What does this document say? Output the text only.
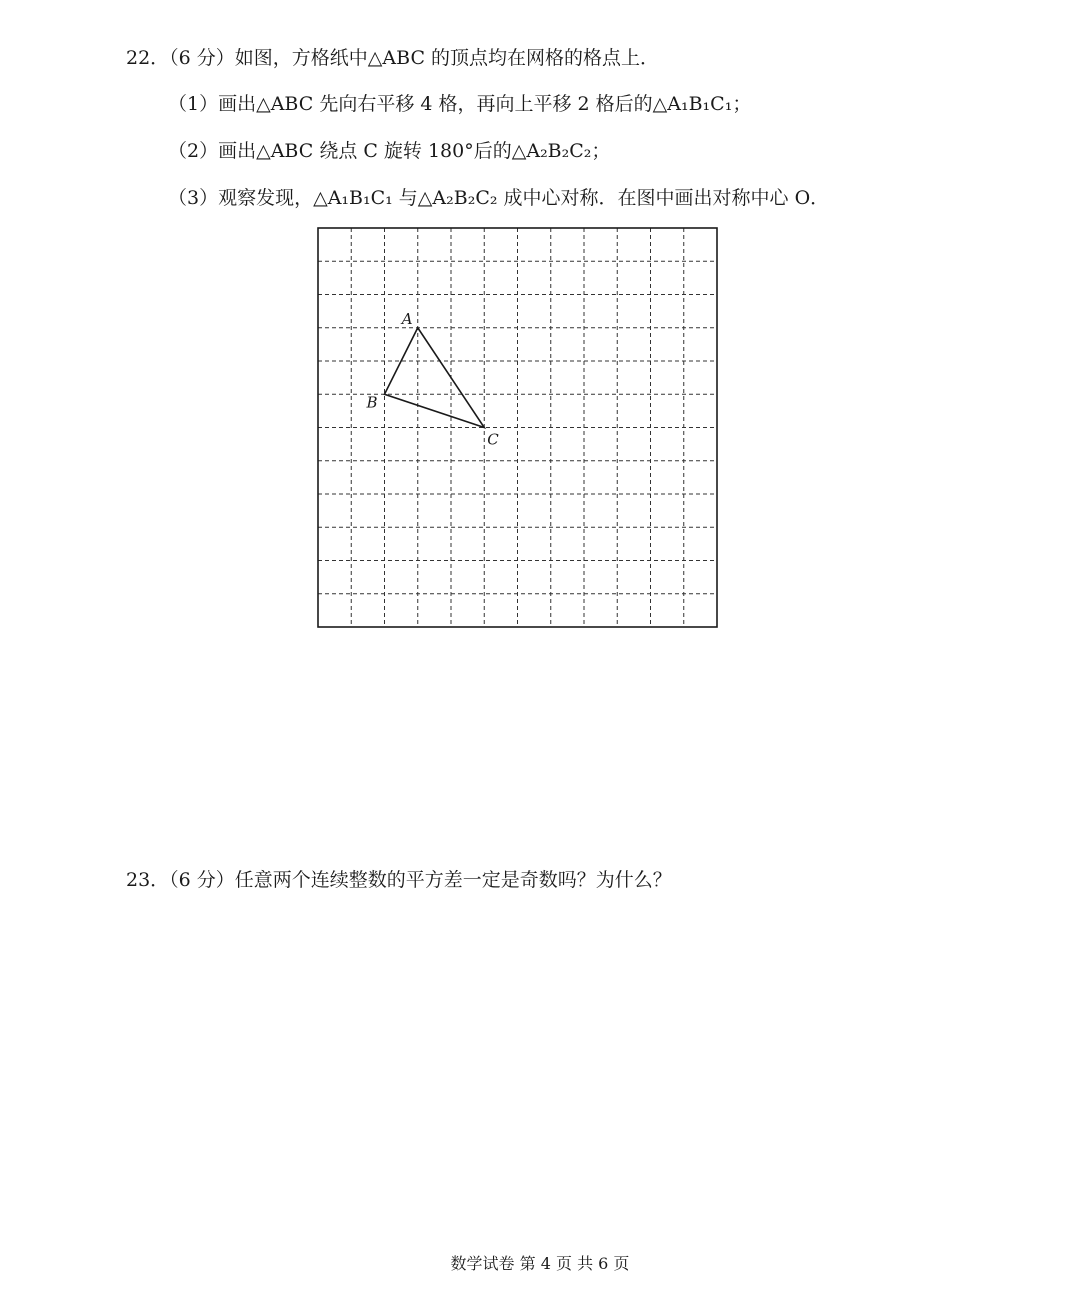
22．（6 分）如图，方格纸中△ABC 的顶点均在网格的格点上．
（1）画出△ABC 先向右平移 4 格，再向上平移 2 格后的△A₁B₁C₁；
（2）画出△ABC 绕点 C 旋转 180°后的△A₂B₂C₂；
（3）观察发现，△A₁B₁C₁ 与△A₂B₂C₂ 成中心对称．在图中画出对称中心 O．
A
B
C
23．（6 分）任意两个连续整数的平方差一定是奇数吗？为什么？
数学试卷 第 4 页 共 6 页
